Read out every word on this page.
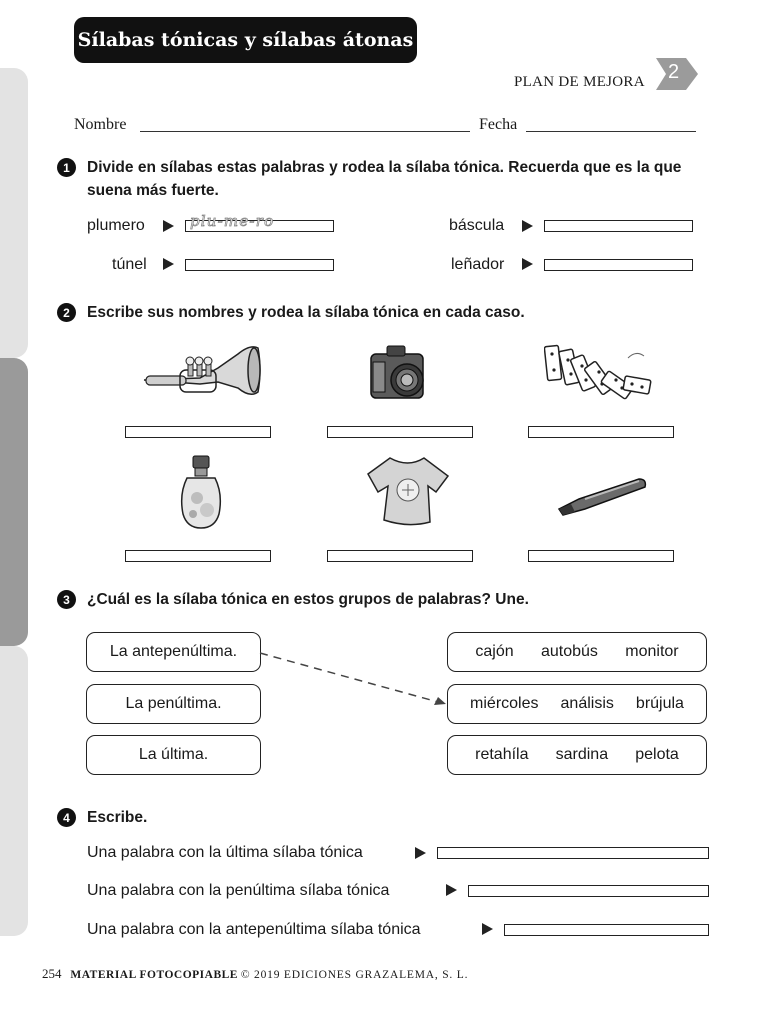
Sílabas tónicas y sílabas átonas
PLAN DE MEJORA 2
Nombre	Fecha
1	Divide en sílabas estas palabras y rodea la sílaba tónica. Recuerda que es la que suena más fuerte.
plumero	plu-me-ro	báscula
túnel	leñador
2	Escribe sus nombres y rodea la sílaba tónica en cada caso.
3	¿Cuál es la sílaba tónica en estos grupos de palabras? Une.
La antepenúltima.
La penúltima.
La última.
cajón autobús monitor
miércoles análisis brújula
retahíla sardina pelota
4	Escribe.
Una palabra con la última sílaba tónica
Una palabra con la penúltima sílaba tónica
Una palabra con la antepenúltima sílaba tónica
254 MATERIAL FOTOCOPIABLE © 2019 EDICIONES GRAZALEMA, S. L.
